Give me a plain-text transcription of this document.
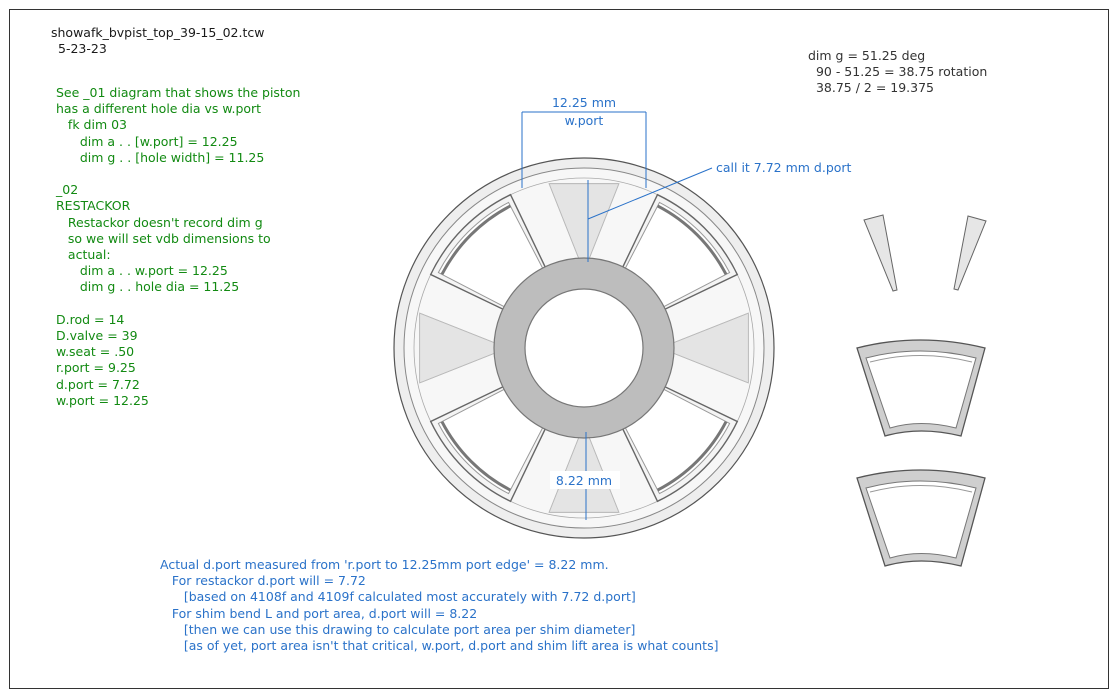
12.25 mm
w.port
call it 7.72 mm d.port
8.22 mm
showafk_bvpist_top_39-15_02.tcw
5-23-23	dim g = 51.25 deg
90 - 51.25 = 38.75 rotation
38.75 / 2 = 19.375
See _01 diagram that shows the piston
has a different hole dia vs w.port
fk dim 03
dim a . . [w.port] = 12.25
dim g . . [hole width] = 11.25
_02
RESTACKOR
Restackor doesn't record dim g
so we will set vdb dimensions to
actual:
dim a . . w.port = 12.25
dim g . . hole dia = 11.25
D.rod = 14
D.valve = 39
w.seat = .50
r.port = 9.25
d.port = 7.72
w.port = 12.25
Actual d.port measured from 'r.port to 12.25mm port edge' = 8.22 mm.
For restackor d.port will = 7.72
[based on 4108f and 4109f calculated most accurately with 7.72 d.port]
For shim bend L and port area, d.port will = 8.22
[then we can use this drawing to calculate port area per shim diameter]
[as of yet, port area isn't that critical, w.port, d.port and shim lift area is what counts]
